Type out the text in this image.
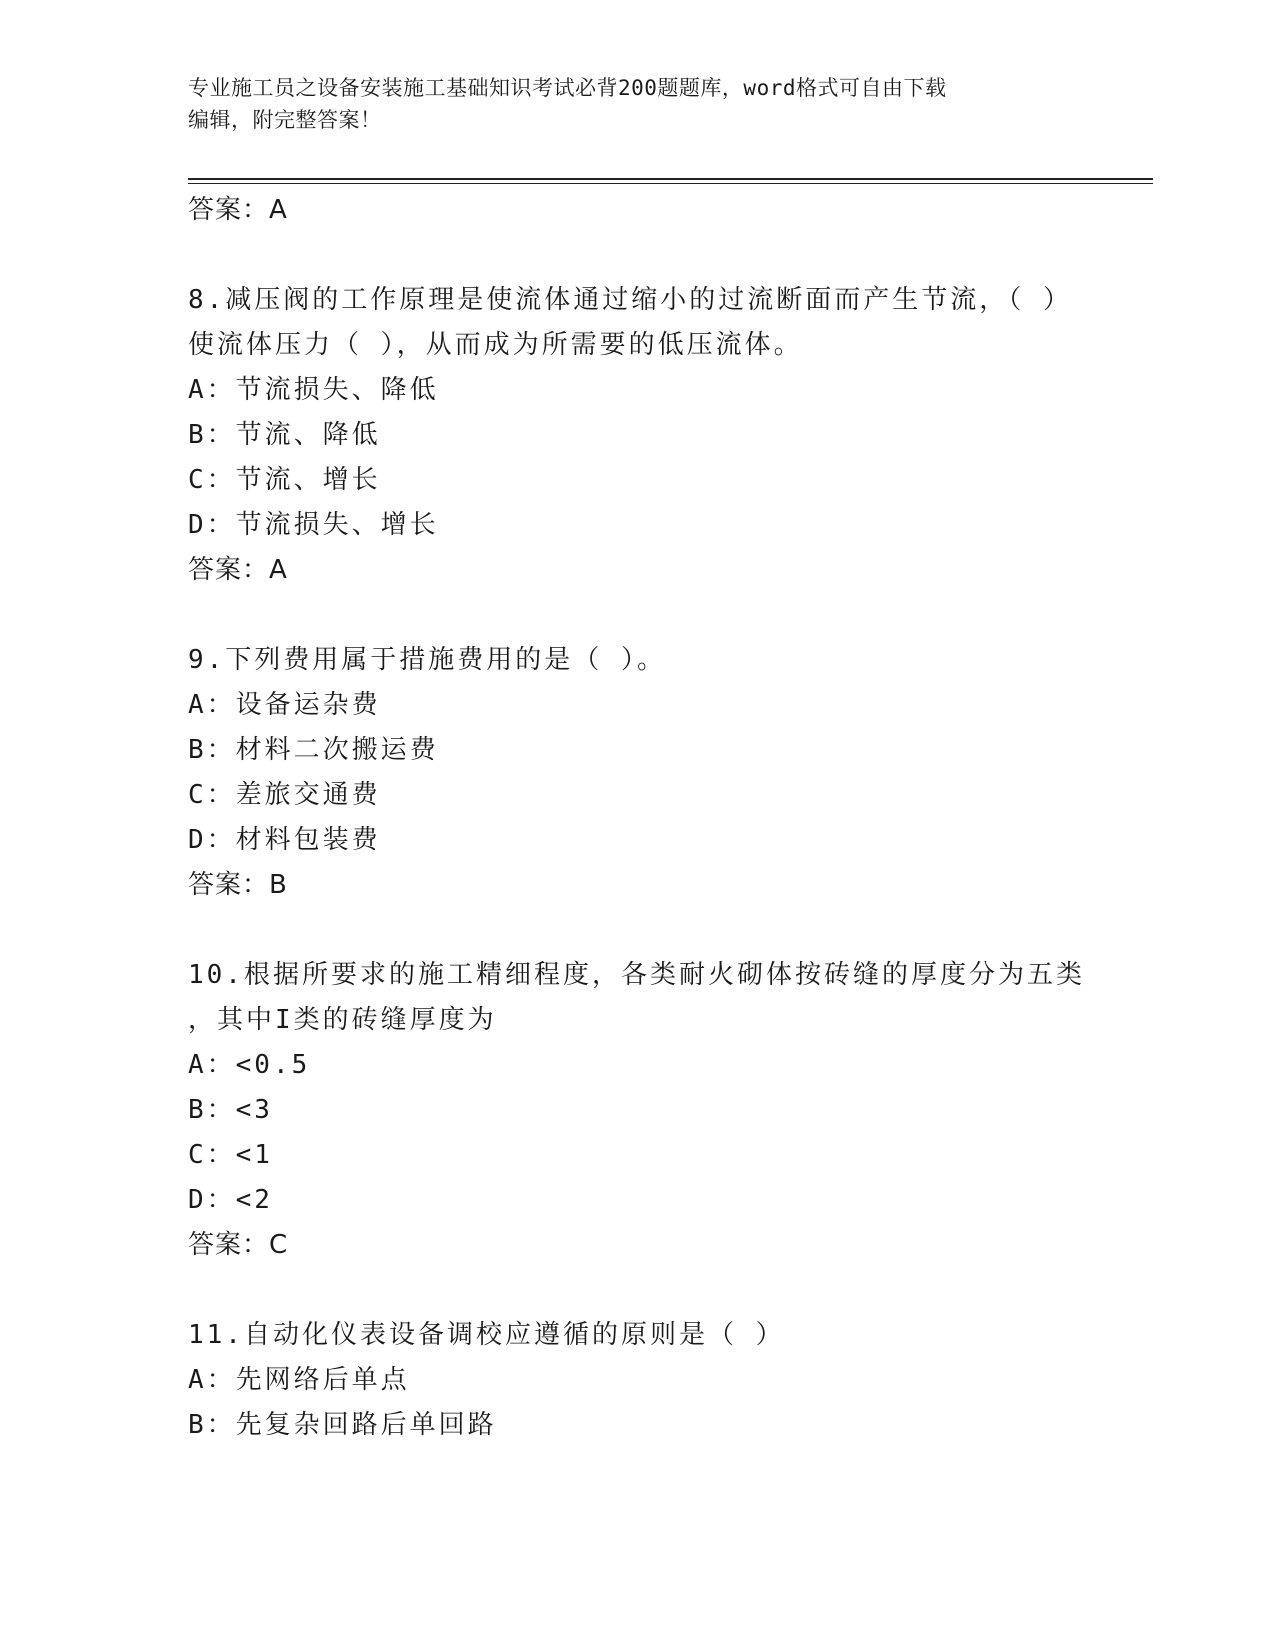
专业施工员之设备安装施工基础知识考试必背200题题库，word格式可自由下载
编辑，附完整答案！
答案：A
8.减压阀的工作原理是使流体通过缩小的过流断面而产生节流，（ ）
使流体压力（ ），从而成为所需要的低压流体。
A：节流损失、降低
B：节流、降低
C：节流、增长
D：节流损失、增长
答案：A
9.下列费用属于措施费用的是（ ）。
A：设备运杂费
B：材料二次搬运费
C：差旅交通费
D：材料包装费
答案：B
10.根据所要求的施工精细程度，各类耐火砌体按砖缝的厚度分为五类
，其中I类的砖缝厚度为
A：<0.5
B：<3
C：<1
D：<2
答案：C
11.自动化仪表设备调校应遵循的原则是（ ）
A：先网络后单点
B：先复杂回路后单回路
